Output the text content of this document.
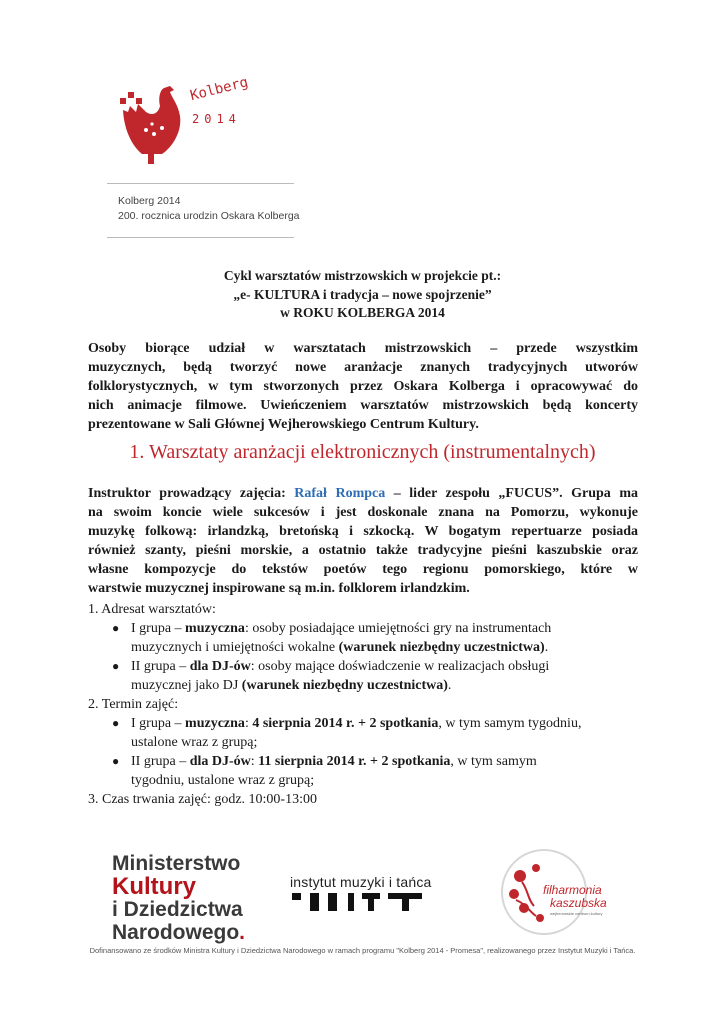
Kolberg
2014
Kolberg 2014
200. rocznica urodzin Oskara Kolberga
Cykl warsztatów mistrzowskich w projekcie pt.:
„e- KULTURA i tradycja – nowe spojrzenie”
w ROKU KOLBERGA 2014
Osoby biorące udział w warsztatach mistrzowskich – przede wszystkim
muzycznych, będą tworzyć nowe aranżacje znanych tradycyjnych utworów
folklorystycznych, w tym stworzonych przez Oskara Kolberga i opracowywać do
nich animacje filmowe. Uwieńczeniem warsztatów mistrzowskich będą koncerty
prezentowane w Sali Głównej Wejherowskiego Centrum Kultury.
1. Warsztaty aranżacji elektronicznych (instrumentalnych)
Instruktor prowadzący zajęcia: Rafał Rompca – lider zespołu „FUCUS”. Grupa ma
na swoim koncie wiele sukcesów i jest doskonale znana na Pomorzu, wykonuje
muzykę folkową: irlandzką, bretońską i szkocką. W bogatym repertuarze posiada
również szanty, pieśni morskie, a ostatnio także tradycyjne pieśni kaszubskie oraz
własne kompozycje do tekstów poetów tego regionu pomorskiego, które w
warstwie muzycznej inspirowane są m.in. folklorem irlandzkim.
1. Adresat warsztatów:
● I grupa – muzyczna: osoby posiadające umiejętności gry na instrumentach
muzycznych i umiejętności wokalne (warunek niezbędny uczestnictwa).
● II grupa – dla DJ-ów: osoby mające doświadczenie w realizacjach obsługi
muzycznej jako DJ (warunek niezbędny uczestnictwa).
2. Termin zajęć:
● I grupa – muzyczna: 4 sierpnia 2014 r. + 2 spotkania, w tym samym tygodniu,
ustalone wraz z grupą;
● II grupa – dla DJ-ów: 11 sierpnia 2014 r. + 2 spotkania, w tym samym
tygodniu, ustalone wraz z grupą;
3. Czas trwania zajęć: godz. 10:00-13:00
Ministerstwo
Kultury
i Dziedzictwa
Narodowego.
instytut muzyki i tańca	filharmonia
kaszubska
wejherowskie centrum kultury
Dofinansowano ze środków Ministra Kultury i Dziedzictwa Narodowego w ramach programu "Kolberg 2014 - Promesa", realizowanego przez Instytut Muzyki i Tańca.
